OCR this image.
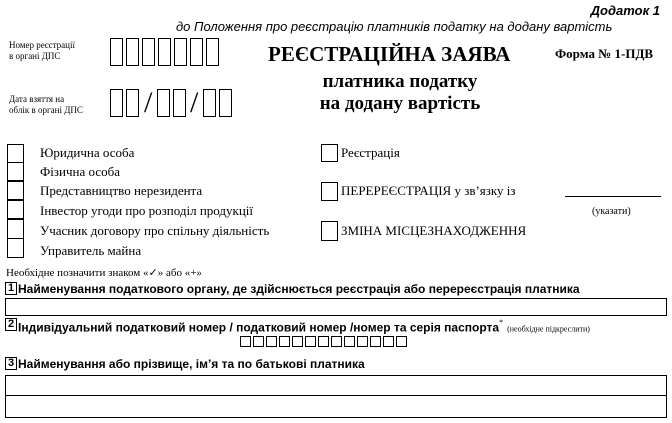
Додаток 1
до Положення про реєстрацію платників податку на додану вартість
Номер реєстрації
в органі ДПС	РЕЄСТРАЦІЙНА ЗАЯВА	Форма № 1-ПДВ
платника податку
на додану вартість
Дата взяття на
облік в органі ДПС / /
Юридична особа
Фізична особа
Представництво нерезидента
Інвестор угоди про розподіл продукції
Учасник договору про спільну діяльність
Управитель майна
Реєстрація
ПЕРЕРЕЄСТРАЦІЯ у зв’язку із
(указати)
ЗМІНА МІСЦЕЗНАХОДЖЕННЯ
Необхідне позначити знаком «✓» або «+»
1 Найменування податкового органу, де здійснюється реєстрація або перереєстрація платника
2 Індивідуальний податковий номер / податковий номер /номер та серія паспорта* (необхідне підкреслити)
3 Найменування або прізвище, ім’я та по батькові платника
